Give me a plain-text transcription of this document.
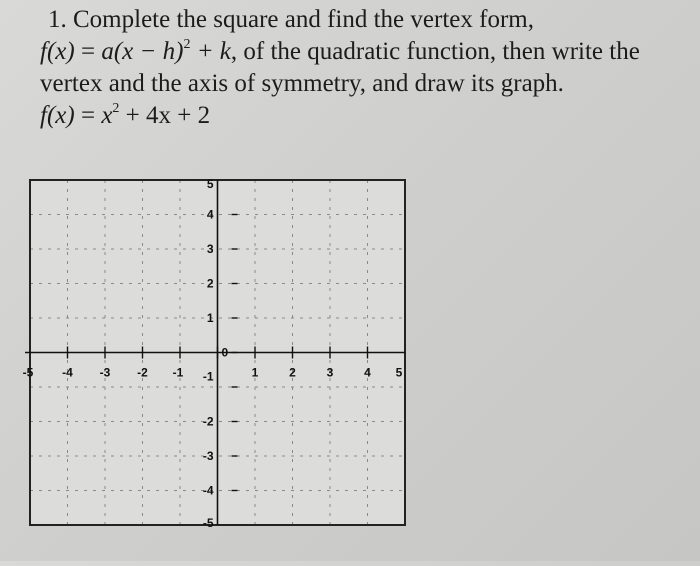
1. Complete the square and find the vertex form,
$f(x) = a(x - h)^2 + k$, of the quadratic function, then write the
vertex and the axis of symmetry, and draw its graph.
$f(x) = x^2 + 4x + 2$
-5 -4 -3 -2 -1	1	2	3	4 5
0
5
4
3
2
1
-1
-2
-3
-4
-5
